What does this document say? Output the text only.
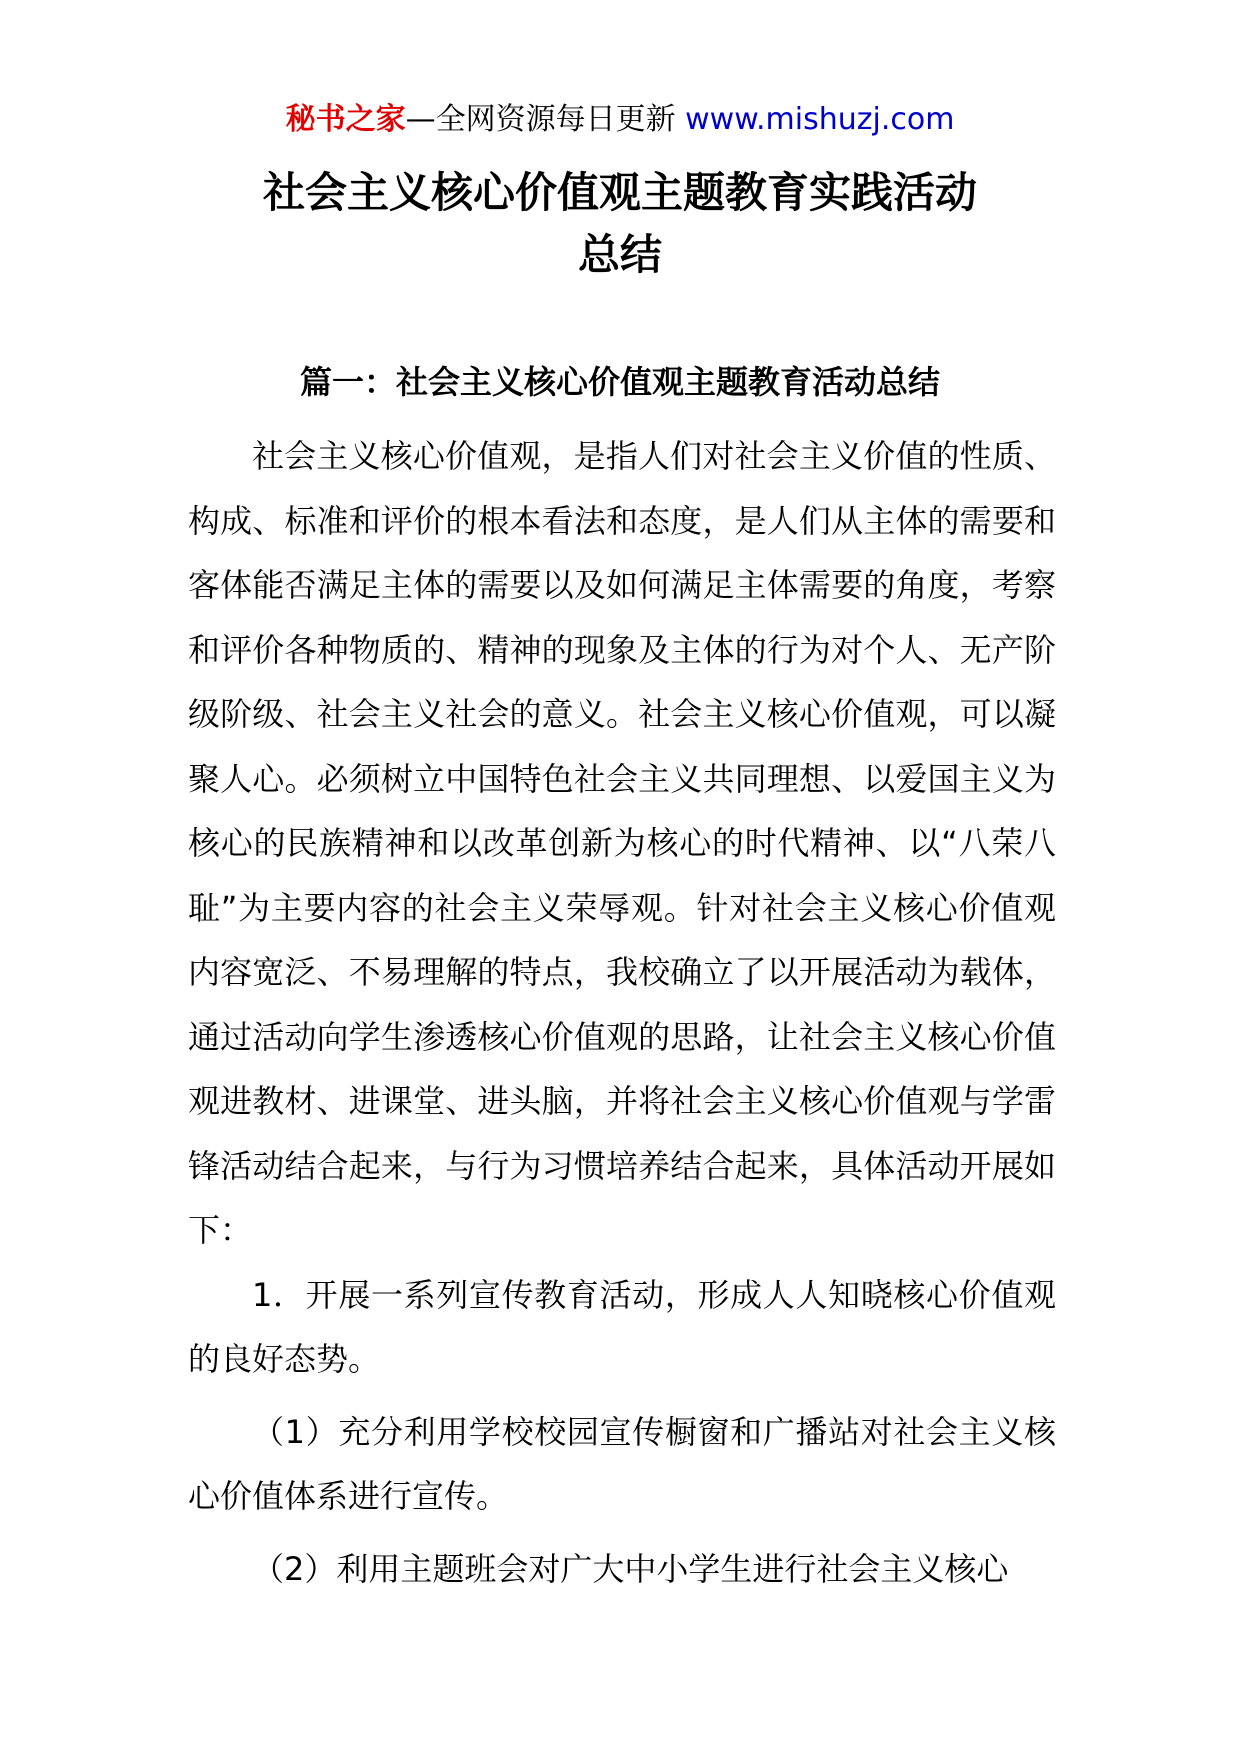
秘书之家—全网资源每日更新 www.mishuzj.com
社会主义核心价值观主题教育实践活动
总结
篇一：社会主义核心价值观主题教育活动总结

社会主义核心价值观，是指人们对社会主义价值的性质、构成、标准和评价的根本看法和态度，是人们从主体的需要和客体能否满足主体的需要以及如何满足主体需要的角度，考察和评价各种物质的、精神的现象及主体的行为对个人、无产阶级阶级、社会主义社会的意义。社会主义核心价值观，可以凝聚人心。必须树立中国特色社会主义共同理想、以爱国主义为核心的民族精神和以改革创新为核心的时代精神、以“八荣八耻”为主要内容的社会主义荣辱观。针对社会主义核心价值观内容宽泛、不易理解的特点，我校确立了以开展活动为载体，通过活动向学生渗透核心价值观的思路，让社会主义核心价值观进教材、进课堂、进头脑，并将社会主义核心价值观与学雷锋活动结合起来，与行为习惯培养结合起来，具体活动开展如下：

1．开展一系列宣传教育活动，形成人人知晓核心价值观的良好态势。

（1）充分利用学校校园宣传橱窗和广播站对社会主义核心价值体系进行宣传。

（2）利用主题班会对广大中小学生进行社会主义核心
